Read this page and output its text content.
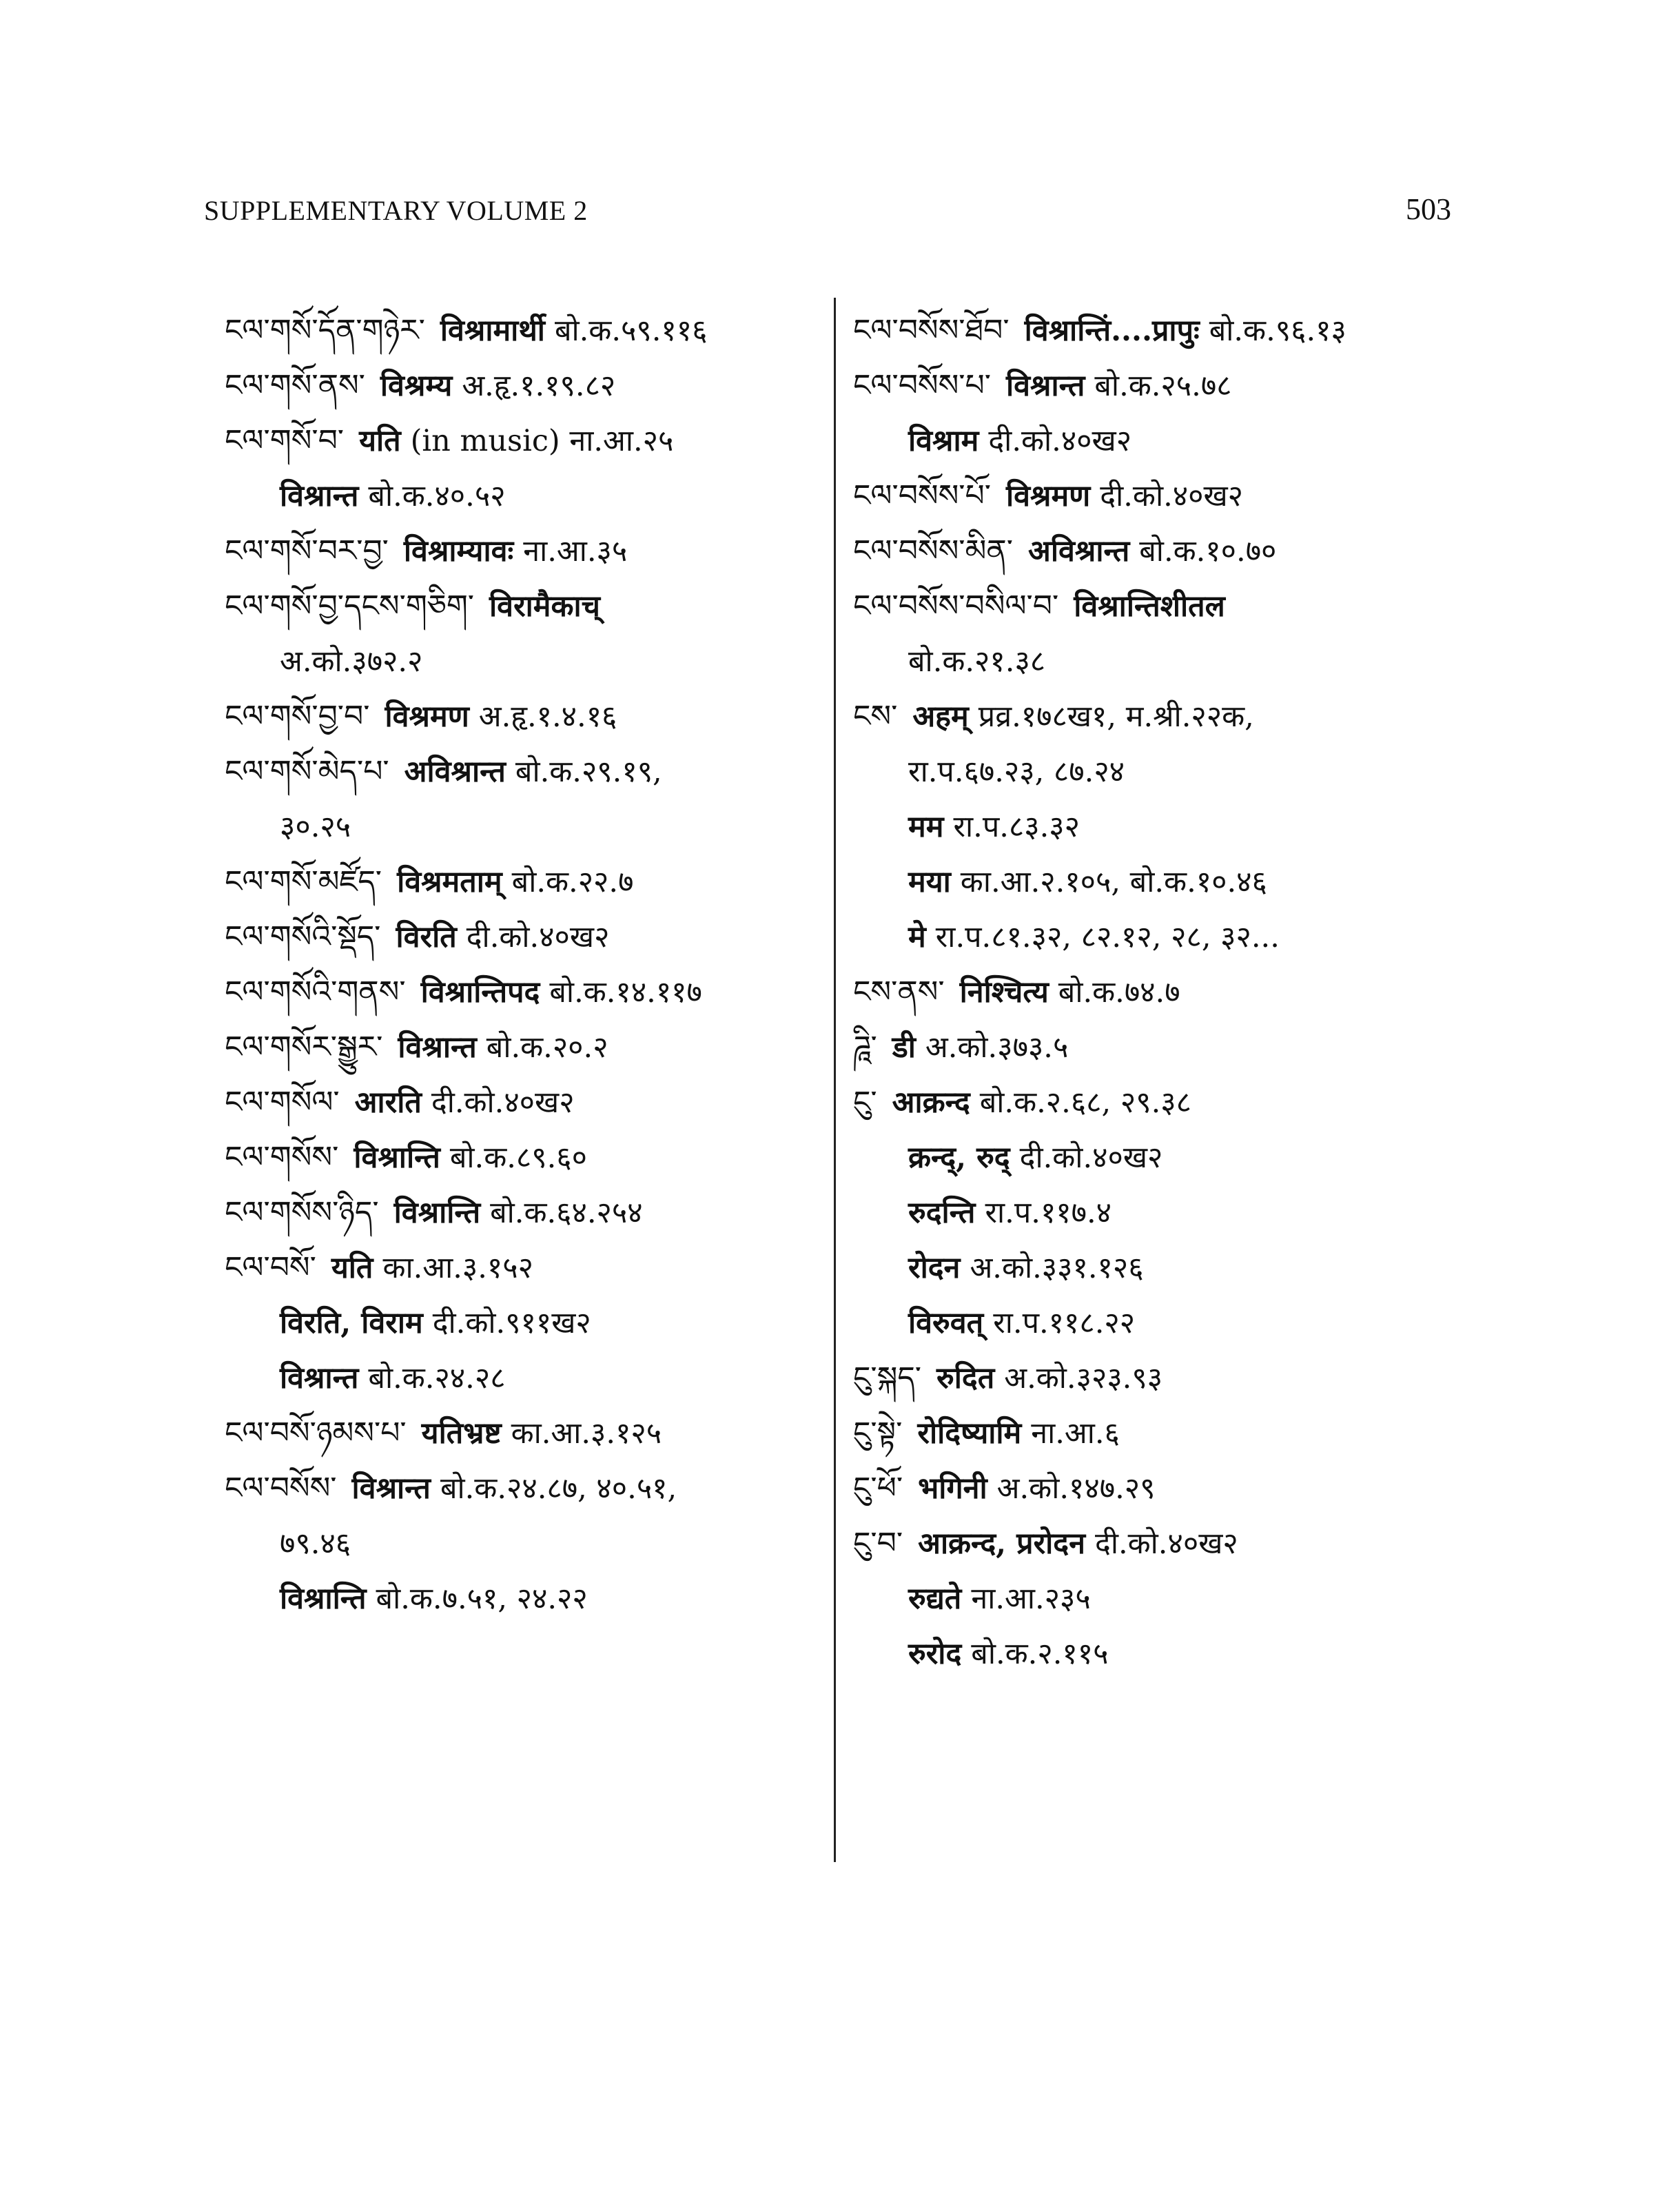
SUPPLEMENTARY VOLUME 2	503
ངལ་གསོ་དོན་གཉེར་ विश्रामार्थी बो.क.५९.११६
ངལ་གསོ་ནས་ विश्रम्य अ.हृ.१.१९.८२
ངལ་གསོ་བ་ यति (in music) ना.आ.२५
विश्रान्त बो.क.४०.५२
ངལ་གསོ་བར་བྱ་ विश्राम्यावः ना.आ.३५
ངལ་གསོ་བྱ་དངས་གཅིག་ विरामैकाच्
अ.को.३७२.२
ངལ་གསོ་བྱ་བ་ विश्रमण अ.हृ.१.४.१६
ངལ་གསོ་མེད་པ་ अविश्रान्त बो.क.२९.१९,
३०.२५
ངལ་གསོ་མཛོད་ विश्रमताम् बो.क.२२.७
ངལ་གསོའི་སྡོད་ विरति दी.को.४०ख२
ངལ་གསོའི་གནས་ विश्रान्तिपद बो.क.१४.११७
ངལ་གསོར་སྒྱུར་ विश्रान्त बो.क.२०.२
ངལ་གསོལ་ आरति दी.को.४०ख२
ངལ་གསོས་ विश्रान्ति बो.क.८९.६०
ངལ་གསོས་ཉིད་ विश्रान्ति बो.क.६४.२५४
ངལ་བསོ་ यति का.आ.३.१५२
विरति, विराम दी.को.९११ख२
विश्रान्त बो.क.२४.२८
ངལ་བསོ་ཉམས་པ་ यतिभ्रष्ट का.आ.३.१२५
ངལ་བསོས་ विश्रान्त बो.क.२४.८७, ४०.५१,
७९.४६
विश्रान्ति बो.क.७.५१, २४.२२
ངལ་བསོས་ཐོབ་ विश्रान्तिं....प्रापुः बो.क.९६.१३
ངལ་བསོས་པ་ विश्रान्त बो.क.२५.७८
विश्राम दी.को.४०ख२
ངལ་བསོས་པོ་ विश्रमण दी.को.४०ख२
ངལ་བསོས་མིན་ अविश्रान्त बो.क.१०.७०
ངལ་བསོས་བསིལ་བ་ विश्रान्तिशीतल
बो.क.२१.३८
ངས་ अहम् प्रव्र.१७८ख१, म.श्री.२२क,
रा.प.६७.२३, ८७.२४
मम रा.प.८३.३२
मया का.आ.२.१०५, बो.क.१०.४६
मे रा.प.८१.३२, ८२.१२, २८, ३२...
ངས་ནས་ निश्चित्य बो.क.७४.७
ཌཱི་ डी अ.को.३७३.५
ངུ་ आक्रन्द बो.क.२.६८, २९.३८
क्रन्द्, रुद् दी.को.४०ख२
रुदन्ति रा.प.११७.४
रोदन अ.को.३३१.१२६
विरुवत् रा.प.११८.२२
ངུ་སྐད་ रुदित अ.को.३२३.९३
ངུ་སྟེ་ रोदिष्यामि ना.आ.६
ངུ་ཕོ་ भगिनी अ.को.१४७.२९
ངུ་བ་ आक्रन्द, प्ररोदन दी.को.४०ख२
रुद्यते ना.आ.२३५
रुरोद बो.क.२.११५
